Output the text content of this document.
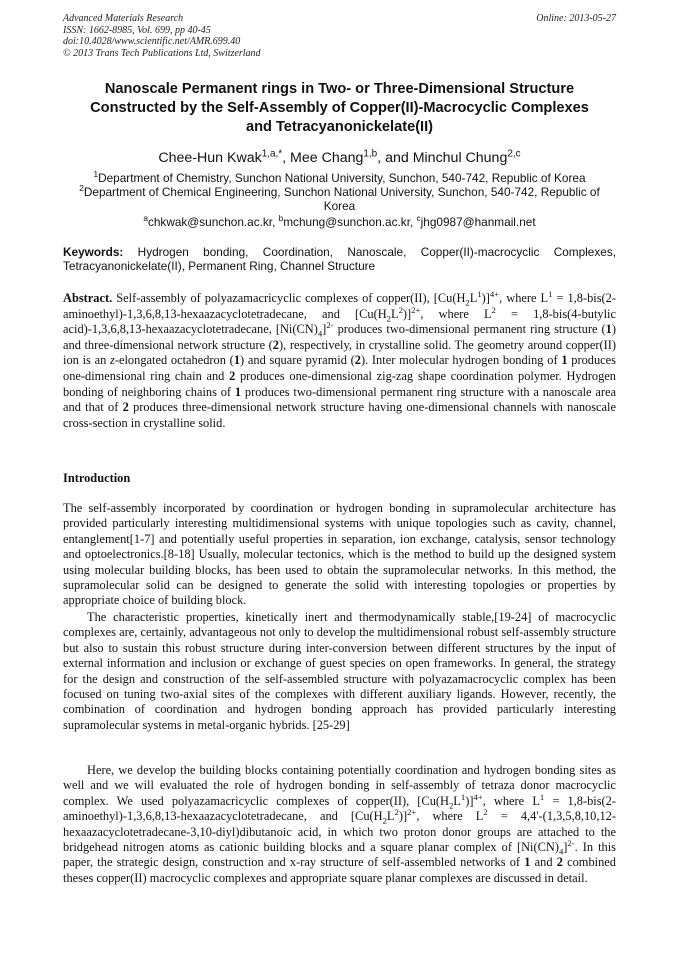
Advanced Materials Research
ISSN: 1662-8985, Vol. 699, pp 40-45
doi:10.4028/www.scientific.net/AMR.699.40
© 2013 Trans Tech Publications Ltd, Switzerland
Online: 2013-05-27
Nanoscale Permanent rings in Two- or Three-Dimensional Structure
Constructed by the Self-Assembly of Copper(II)-Macrocyclic Complexes
and Tetracyanonickelate(II)
Chee-Hun Kwak$^{1,a,*}$, Mee Chang$^{1,b}$, and Minchul Chung$^{2,c}$
$^1$Department of Chemistry, Sunchon National University, Sunchon, 540-742, Republic of Korea
$^2$Department of Chemical Engineering, Sunchon National University, Sunchon, 540-742, Republic of Korea
$^a$chkwak@sunchon.ac.kr, $^b$mchung@sunchon.ac.kr, $^c$jhg0987@hanmail.net
Keywords: Hydrogen bonding, Coordination, Nanoscale, Copper(II)-macrocyclic Complexes, Tetracyanonickelate(II), Permanent Ring, Channel Structure
Abstract. Self-assembly of polyazamacricyclic complexes of copper(II), $[Cu(H_2L^1)]^{4+}$, where $L^1$ = 1,8-bis(2-aminoethyl)-1,3,6,8,13-hexaazacyclotetradecane, and $[Cu(H_2L^2)]^{2+}$, where $L^2$ = 1,8-bis(4-butylic acid)-1,3,6,8,13-hexaazacyclotetradecane, $[Ni(CN)_4]^{2-}$ produces two-dimensional permanent ring structure (1) and three-dimensional network structure (2), respectively, in crystalline solid. The geometry around copper(II) ion is an z-elongated octahedron (1) and square pyramid (2). Inter molecular hydrogen bonding of 1 produces one-dimensional ring chain and 2 produces one-dimensional zig-zag shape coordination polymer. Hydrogen bonding of neighboring chains of 1 produces two-dimensional permanent ring structure with a nanoscale area and that of 2 produces three-dimensional network structure having one-dimensional channels with nanoscale cross-section in crystalline solid.
Introduction

The self-assembly incorporated by coordination or hydrogen bonding in supramolecular architecture has provided particularly interesting multidimensional systems with unique topologies such as cavity, channel, entanglement[1-7] and potentially useful properties in separation, ion exchange, catalysis, sensor technology and optoelectronics.[8-18] Usually, molecular tectonics, which is the method to build up the designed system using molecular building blocks, has been used to obtain the supramolecular networks. In this method, the supramolecular solid can be designed to generate the solid with interesting topologies or properties by appropriate choice of building block.

The characteristic properties, kinetically inert and thermodynamically stable,[19-24] of macrocyclic complexes are, certainly, advantageous not only to develop the multidimensional robust self-assembly structure but also to sustain this robust structure during inter-conversion between different structures by the input of external information and inclusion or exchange of guest species on open frameworks. In general, the strategy for the design and construction of the self-assembled structure with polyazamacrocyclic complex has been focused on tuning two-axial sites of the complexes with different auxiliary ligands. However, recently, the combination of coordination and hydrogen bonding approach has provided particularly interesting supramolecular systems in metal-organic hybrids. [25-29]

Here, we develop the building blocks containing potentially coordination and hydrogen bonding sites as well and we will evaluated the role of hydrogen bonding in self-assembly of tetraza donor macrocyclic complex. We used polyazamacricyclic complexes of copper(II), $[Cu(H_2L^1)]^{4+}$, where $L^1$ = 1,8-bis(2-aminoethyl)-1,3,6,8,13-hexaazacyclotetradecane, and $[Cu(H_2L^2)]^{2+}$, where $L^2$ = 4,4'-(1,3,5,8,10,12-hexaazacyclotetradecane-3,10-diyl)dibutanoic acid, in which two proton donor groups are attached to the bridgehead nitrogen atoms as cationic building blocks and a square planar complex of $[Ni(CN)_4]^{2-}$. In this paper, the strategic design, construction and x-ray structure of self-assembled networks of 1 and 2 combined theses copper(II) macrocyclic complexes and appropriate square planar complexes are discussed in detail.
